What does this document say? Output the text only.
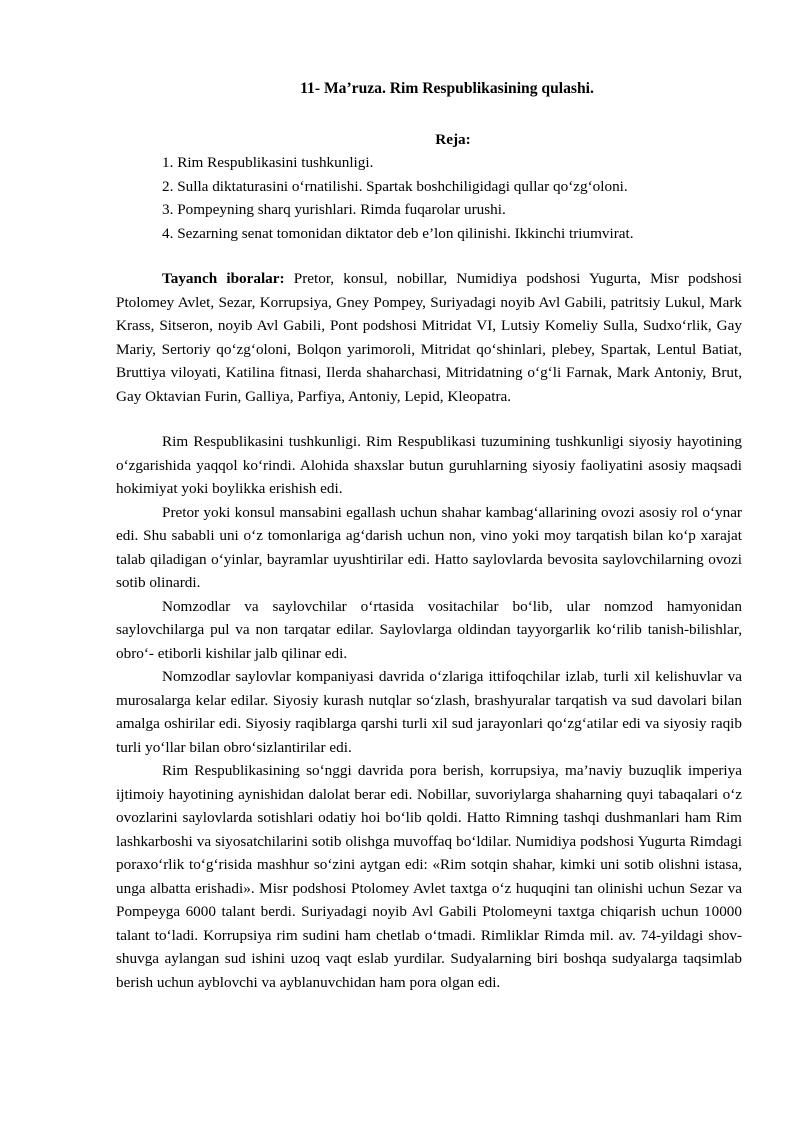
11- Ma’ruza. Rim Respublikasining qulashi.

Reja:

1. Rim Respublikasini tushkunligi.
2. Sulla diktaturasini o‘rnatilishi. Spartak boshchiligidagi qullar qo‘zg‘oloni.
3. Pompeyning sharq yurishlari. Rimda fuqarolar urushi.
4. Sezarning senat tomonidan diktator deb e’lon qilinishi. Ikkinchi triumvirat.

Tayanch iboralar: Pretor, konsul, nobillar, Numidiya podshosi Yugurta, Misr podshosi Ptolomey Avlet, Sezar, Korrupsiya, Gney Pompey, Suriyadagi noyib Avl Gabili, patritsiy Lukul, Mark Krass, Sitseron, noyib Avl Gabili, Pont podshosi Mitridat VI, Lutsiy Komeliy Sulla, Sudxo‘rlik, Gay Mariy, Sertoriy qo‘zg‘oloni, Bolqon yarimoroli, Mitridat qo‘shinlari, plebey, Spartak, Lentul Batiat, Bruttiya viloyati, Katilina fitnasi, Ilerda shaharchasi, Mitridatning o‘g‘li Farnak, Mark Antoniy, Brut, Gay Oktavian Furin, Galliya, Parfiya, Antoniy, Lepid, Kleopatra.

Rim Respublikasini tushkunligi. Rim Respublikasi tuzumining tushkunligi siyosiy hayotining o‘zgarishida yaqqol ko‘rindi. Alohida shaxslar butun guruhlarning siyosiy faoliyatini asosiy maqsadi hokimiyat yoki boylikka erishish edi.

Pretor yoki konsul mansabini egallash uchun shahar kambag‘allarining ovozi asosiy rol o‘ynar edi. Shu sababli uni o‘z tomonlariga ag‘darish uchun non, vino yoki moy tarqatish bilan ko‘p xarajat talab qiladigan o‘yinlar, bayramlar uyushtirilar edi. Hatto saylovlarda bevosita saylovchilarning ovozi sotib olinardi.

Nomzodlar va saylovchilar o‘rtasida vositachilar bo‘lib, ular nomzod hamyonidan saylovchilarga pul va non tarqatar edilar. Saylovlarga oldindan tayyorgarlik ko‘rilib tanish-bilishlar, obro‘- etiborli kishilar jalb qilinar edi.

Nomzodlar saylovlar kompaniyasi davrida o‘zlariga ittifoqchilar izlab, turli xil kelishuvlar va murosalarga kelar edilar. Siyosiy kurash nutqlar so‘zlash, brashyuralar tarqatish va sud davolari bilan amalga oshirilar edi. Siyosiy raqiblarga qarshi turli xil sud jarayonlari qo‘zg‘atilar edi va siyosiy raqib turli yo‘llar bilan obro‘sizlantirilar edi.

Rim Respublikasining so‘nggi davrida pora berish, korrupsiya, ma’naviy buzuqlik imperiya ijtimoiy hayotining aynishidan dalolat berar edi. Nobillar, suvoriylarga shaharning quyi tabaqalari o‘z ovozlarini saylovlarda sotishlari odatiy hoi bo‘lib qoldi. Hatto Rimning tashqi dushmanlari ham Rim lashkarboshi va siyosatchilarini sotib olishga muvoffaq bo‘ldilar. Numidiya podshosi Yugurta Rimdagi poraxo‘rlik to‘g‘risida mashhur so‘zini aytgan edi: «Rim sotqin shahar, kimki uni sotib olishni istasa, unga albatta erishadi». Misr podshosi Ptolomey Avlet taxtga o‘z huquqini tan olinishi uchun Sezar va Pompeyga 6000 talant berdi. Suriyadagi noyib Avl Gabili Ptolomeyni taxtga chiqarish uchun 10000 talant to‘ladi. Korrupsiya rim sudini ham chetlab o‘tmadi. Rimliklar Rimda mil. av. 74-yildagi shov-shuvga aylangan sud ishini uzoq vaqt eslab yurdilar. Sudyalarning biri boshqa sudyalarga taqsimlab berish uchun ayblovchi va ayblanuvchidan ham pora olgan edi.
